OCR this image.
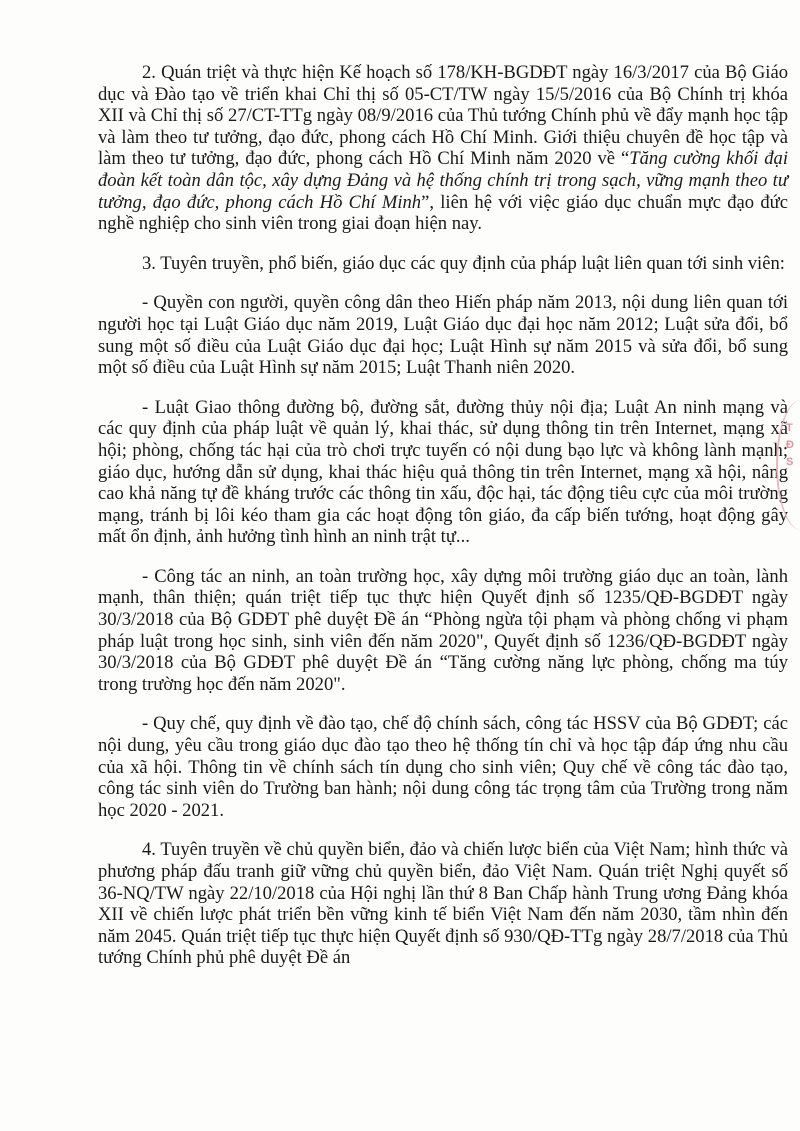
2. Quán triệt và thực hiện Kế hoạch số 178/KH-BGDĐT ngày 16/3/2017 của Bộ Giáo dục và Đào tạo về triển khai Chỉ thị số 05-CT/TW ngày 15/5/2016 của Bộ Chính trị khóa XII và Chỉ thị số 27/CT-TTg ngày 08/9/2016 của Thủ tướng Chính phủ về đẩy mạnh học tập và làm theo tư tưởng, đạo đức, phong cách Hồ Chí Minh. Giới thiệu chuyên đề học tập và làm theo tư tưởng, đạo đức, phong cách Hồ Chí Minh năm 2020 về “Tăng cường khối đại đoàn kết toàn dân tộc, xây dựng Đảng và hệ thống chính trị trong sạch, vững mạnh theo tư tưởng, đạo đức, phong cách Hồ Chí Minh”, liên hệ với việc giáo dục chuẩn mực đạo đức nghề nghiệp cho sinh viên trong giai đoạn hiện nay.

3. Tuyên truyền, phổ biến, giáo dục các quy định của pháp luật liên quan tới sinh viên:

- Quyền con người, quyền công dân theo Hiến pháp năm 2013, nội dung liên quan tới người học tại Luật Giáo dục năm 2019, Luật Giáo dục đại học năm 2012; Luật sửa đổi, bổ sung một số điều của Luật Giáo dục đại học; Luật Hình sự năm 2015 và sửa đổi, bổ sung một số điều của Luật Hình sự năm 2015; Luật Thanh niên 2020.

- Luật Giao thông đường bộ, đường sắt, đường thủy nội địa; Luật An ninh mạng và các quy định của pháp luật về quản lý, khai thác, sử dụng thông tin trên Internet, mạng xã hội; phòng, chống tác hại của trò chơi trực tuyến có nội dung bạo lực và không lành mạnh; giáo dục, hướng dẫn sử dụng, khai thác hiệu quả thông tin trên Internet, mạng xã hội, nâng cao khả năng tự đề kháng trước các thông tin xấu, độc hại, tác động tiêu cực của môi trường mạng, tránh bị lôi kéo tham gia các hoạt động tôn giáo, đa cấp biến tướng, hoạt động gây mất ổn định, ảnh hưởng tình hình an ninh trật tự...

- Công tác an ninh, an toàn trường học, xây dựng môi trường giáo dục an toàn, lành mạnh, thân thiện; quán triệt tiếp tục thực hiện Quyết định số 1235/QĐ-BGDĐT ngày 30/3/2018 của Bộ GDĐT phê duyệt Đề án “Phòng ngừa tội phạm và phòng chống vi phạm pháp luật trong học sinh, sinh viên đến năm 2020", Quyết định số 1236/QĐ-BGDĐT ngày 30/3/2018 của Bộ GDĐT phê duyệt Đề án “Tăng cường năng lực phòng, chống ma túy trong trường học đến năm 2020".

- Quy chế, quy định về đào tạo, chế độ chính sách, công tác HSSV của Bộ GDĐT; các nội dung, yêu cầu trong giáo dục đào tạo theo hệ thống tín chỉ và học tập đáp ứng nhu cầu của xã hội. Thông tin về chính sách tín dụng cho sinh viên; Quy chế về công tác đào tạo, công tác sinh viên do Trường ban hành; nội dung công tác trọng tâm của Trường trong năm học 2020 - 2021.

4. Tuyên truyền về chủ quyền biển, đảo và chiến lược biển của Việt Nam; hình thức và phương pháp đấu tranh giữ vững chủ quyền biển, đảo Việt Nam. Quán triệt Nghị quyết số 36-NQ/TW ngày 22/10/2018 của Hội nghị lần thứ 8 Ban Chấp hành Trung ương Đảng khóa XII về chiến lược phát triển bền vững kinh tế biển Việt Nam đến năm 2030, tầm nhìn đến năm 2045. Quán triệt tiếp tục thực hiện Quyết định số 930/QĐ-TTg ngày 28/7/2018 của Thủ tướng Chính phủ phê duyệt Đề án

T
Đ
S
